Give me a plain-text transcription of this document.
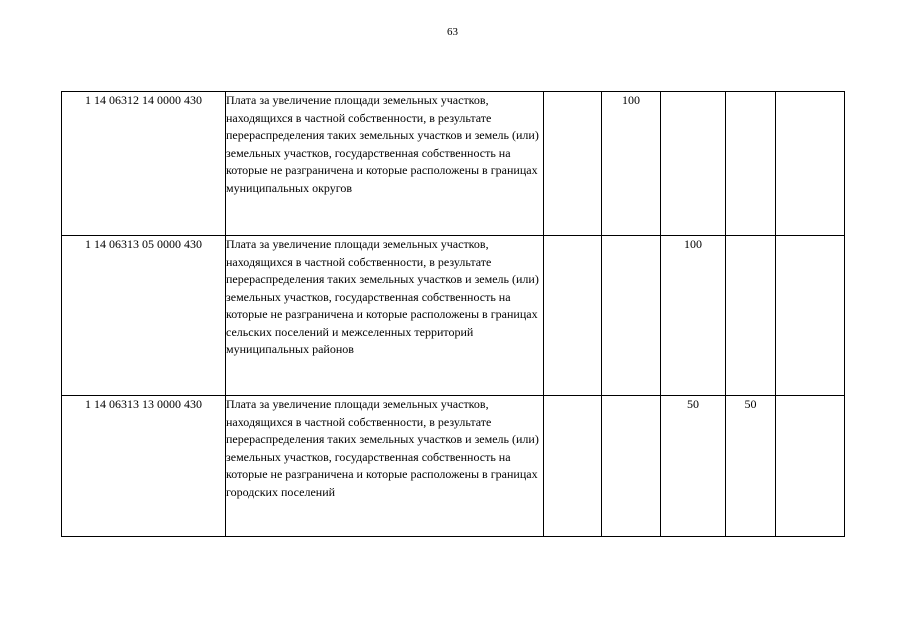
63
1 14 06312 14 0000 430	Плата за увеличение площади земельных участков, находящихся в частной собственности, в результате перераспределения таких земельных участков и земель (или) земельных участков, государственная собственность на которые не разграничена и которые расположены в границах муниципальных округов		100			
1 14 06313 05 0000 430	Плата за увеличение площади земельных участков, находящихся в частной собственности, в результате перераспределения таких земельных участков и земель (или) земельных участков, государственная собственность на которые не разграничена и которые расположены в границах сельских поселений и межселенных территорий муниципальных районов			100		
1 14 06313 13 0000 430	Плата за увеличение площади земельных участков, находящихся в частной собственности, в результате перераспределения таких земельных участков и земель (или) земельных участков, государственная собственность на которые не разграничена и которые расположены в границах городских поселений			50	50	
